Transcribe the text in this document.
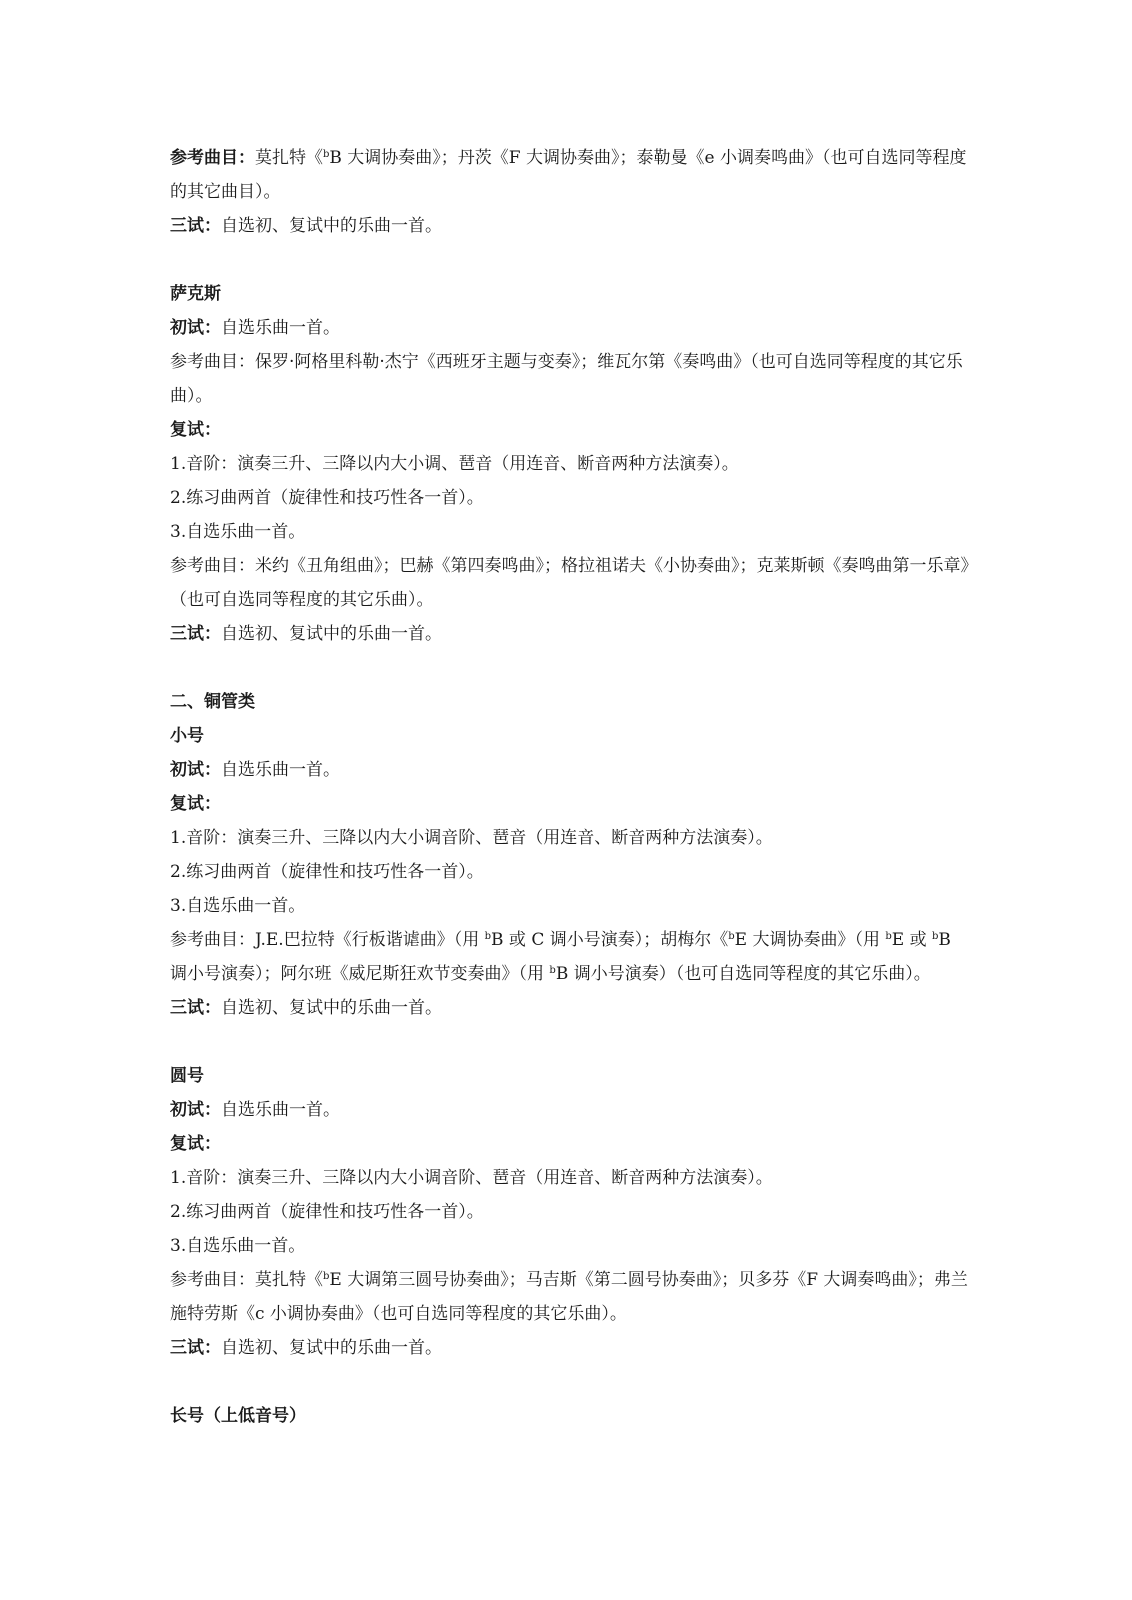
参考曲目：莫扎特《$^b$B 大调协奏曲》；丹茨《F 大调协奏曲》；泰勒曼《e 小调奏鸣曲》（也可自选同等程度的其它曲目）。
三试：自选初、复试中的乐曲一首。
萨克斯
初试：自选乐曲一首。
参考曲目：保罗·阿格里科勒·杰宁《西班牙主题与变奏》；维瓦尔第《奏鸣曲》（也可自选同等程度的其它乐曲）。
复试：
1.音阶：演奏三升、三降以内大小调、琶音（用连音、断音两种方法演奏）。
2.练习曲两首（旋律性和技巧性各一首）。
3.自选乐曲一首。
参考曲目：米约《丑角组曲》；巴赫《第四奏鸣曲》；格拉祖诺夫《小协奏曲》；克莱斯顿《奏鸣曲第一乐章》（也可自选同等程度的其它乐曲）。
三试：自选初、复试中的乐曲一首。
二、铜管类
小号
初试：自选乐曲一首。
复试：
1.音阶：演奏三升、三降以内大小调音阶、琶音（用连音、断音两种方法演奏）。
2.练习曲两首（旋律性和技巧性各一首）。
3.自选乐曲一首。
参考曲目：J.E.巴拉特《行板谐谑曲》（用 $^b$B 或 C 调小号演奏）；胡梅尔《$^b$E 大调协奏曲》（用 $^b$E 或 $^b$B 调小号演奏）；阿尔班《威尼斯狂欢节变奏曲》（用 $^b$B 调小号演奏）（也可自选同等程度的其它乐曲）。
三试：自选初、复试中的乐曲一首。
圆号
初试：自选乐曲一首。
复试：
1.音阶：演奏三升、三降以内大小调音阶、琶音（用连音、断音两种方法演奏）。
2.练习曲两首（旋律性和技巧性各一首）。
3.自选乐曲一首。
参考曲目：莫扎特《$^b$E 大调第三圆号协奏曲》；马吉斯《第二圆号协奏曲》；贝多芬《F 大调奏鸣曲》；弗兰 施特劳斯《c 小调协奏曲》（也可自选同等程度的其它乐曲）。
三试：自选初、复试中的乐曲一首。
长号（上低音号）
